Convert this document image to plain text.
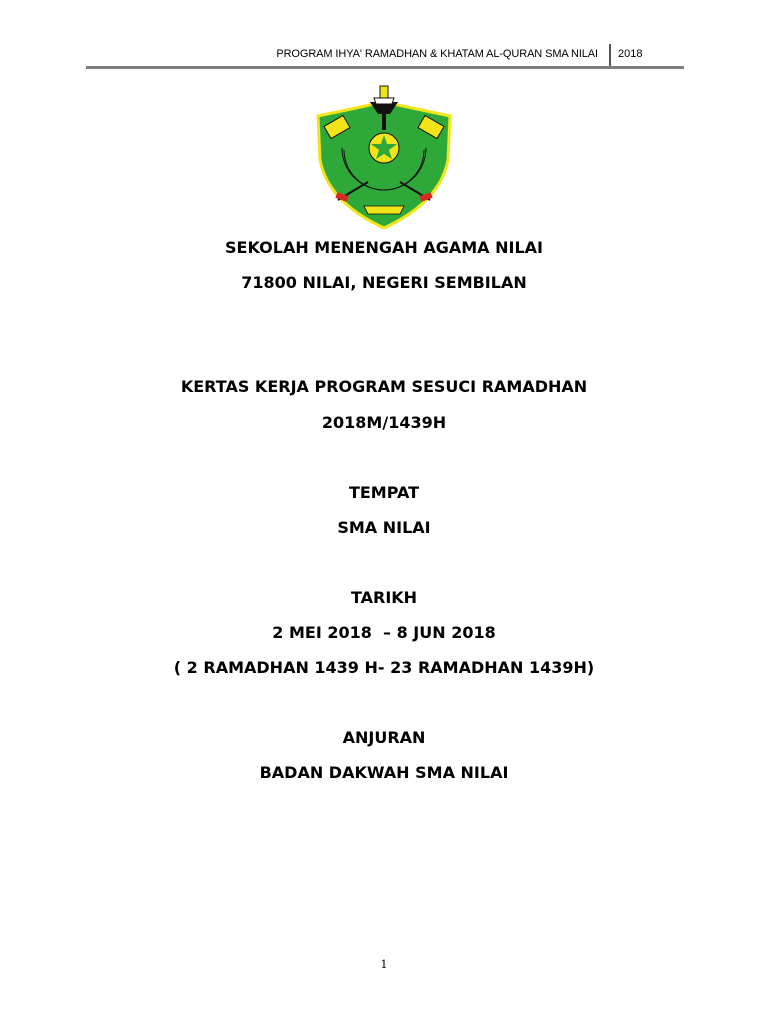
PROGRAM IHYA' RAMADHAN & KHATAM AL-QURAN SMA NILAI 2018
SEKOLAH MENENGAH AGAMA NILAI
71800 NILAI, NEGERI SEMBILAN
KERTAS KERJA PROGRAM SESUCI RAMADHAN
2018M/1439H
TEMPAT
SMA NILAI
TARIKH
2 MEI 2018  – 8 JUN 2018
( 2 RAMADHAN 1439 H- 23 RAMADHAN 1439H)
ANJURAN
BADAN DAKWAH SMA NILAI
1
